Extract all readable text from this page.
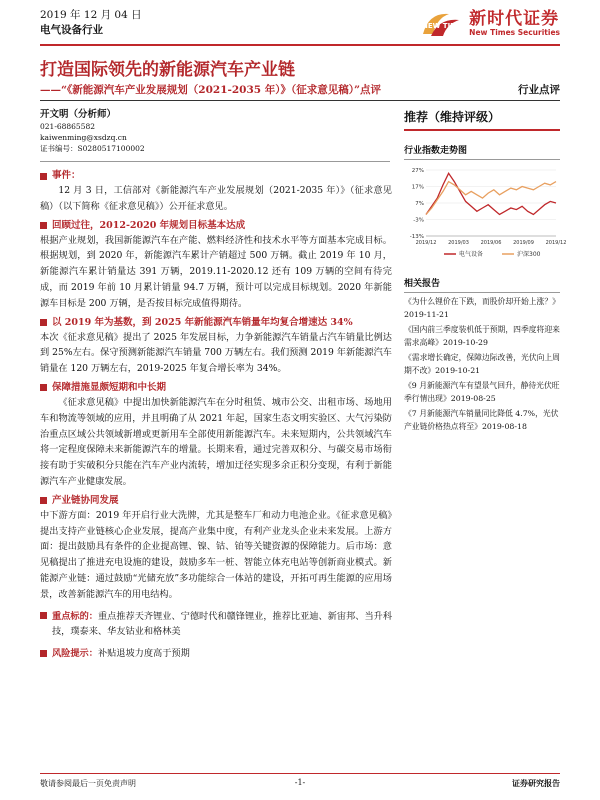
2019 年 12 月 04 日
电气设备行业	NEW TIMES 新时代证券
New Times Securities
打造国际领先的新能源汽车产业链
——“《新能源汽车产业发展规划（2021-2035 年）》（征求意见稿）”点评	行业点评
开文明（分析师）
021-68865582
kaiwenming@xsdzq.cn
证书编号：S0280517100002
事件：

12 月 3 日，工信部对《新能源汽车产业发展规划（2021-2035 年）》（征求意见稿）（以下简称《征求意见稿》）公开征求意见。

回顾过往，2012-2020 年规划目标基本达成

根据产业规划，我国新能源汽车在产能、燃料经济性和技术水平等方面基本完成目标。根据规划，到 2020 年，新能源汽车累计产销超过 500 万辆。截止 2019 年 10 月，新能源汽车累计销量达 391 万辆，2019.11-2020.12 还有 109 万辆的空间有待完成，而 2019 年前 10 月累计销量 94.7 万辆，预计可以完成目标规划。2020 年新能源车目标是 200 万辆，是否按目标完成值得期待。

以 2019 年为基数，到 2025 年新能源汽车销量年均复合增速达 34%

本次《征求意见稿》提出了 2025 年发展目标，力争新能源汽车销量占汽车销量比例达到 25%左右。保守预测新能源汽车销量 700 万辆左右。我们预测 2019 年新能源汽车销量在 120 万辆左右，2019-2025 年复合增长率为 34%。

保障措施显颇短期和中长期

《征求意见稿》中提出加快新能源汽车在分时租赁、城市公交、出租市场、场地用车和物流等领域的应用，并且明确了从 2021 年起，国家生态文明实验区、大气污染防治重点区域公共领域新增或更新用车全部使用新能源汽车。未来短期内，公共领域汽车将一定程度保障未来新能源汽车的增量。长期来看，通过完善双积分、与碳交易市场衔接有助于实破积分只能在汽车产业内流转，增加迂径实现多余正积分变现，有利于新能源汽车产业健康发展。

产业链协同发展

中下游方面：2019 年开启行业大洗牌，尤其是整车厂和动力电池企业。《征求意见稿》提出支持产业链核心企业发展，提高产业集中度，有利产业龙头企业未来发展。上游方面：提出鼓励具有条件的企业提高锂、镍、钴、铂等关键资源的保障能力。后市场：意见稿提出了推进充电设施的建设，鼓励多车一桩、智能立体充电站等创新商业模式。新能源产业链：通过鼓励“光储充放”多功能综合一体站的建设，开拓可再生能源的应用场景，改善新能源汽车的用电结构。

重点标的：重点推荐天齐锂业、宁德时代和赣锋锂业，推荐比亚迪、新宙邦、当升科技，璞泰来、华友钴业和格林美
风险提示：补贴退坡力度高于预期
推荐（维持评级）
行业指数走势图
27%
17%
7%
-3%
-13%
2019/12 2019/03 2019/06 2019/09 2019/12
电气设备	沪深300
相关报告
《为什么锂价在下跌，而股价却开始上涨？》2019-11-21
《国内前三季度装机低于预期，四季度将迎来需求高峰》2019-10-29
《需求增长确定，保障边际改善，光伏向上周期不改》2019-10-21
《9 月新能源汽车有望景气回升，静待光伏旺季行情出现》2019-08-25
《7 月新能源汽车销量同比降低 4.7%，光伏产业链价格热点将至》2019-08-18
敬请参阅最后一页免责声明	-1-	证券研究报告
